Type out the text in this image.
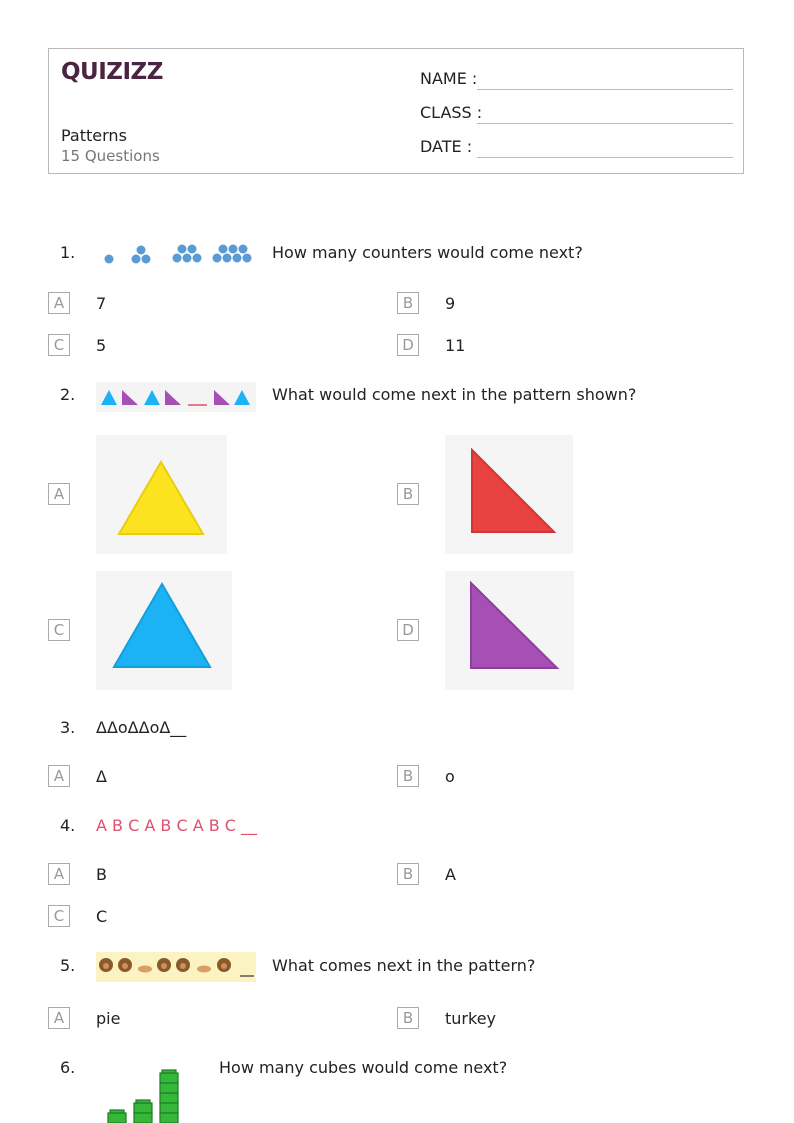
QUIZIZZ
Patterns
15 Questions
NAME :
CLASS :
DATE :
1.	How many counters would come next?
A	7	B	9
C	5	D	11
2.	What would come next in the pattern shown?
A	B
C	D
3. ΔΔoΔΔoΔ__
A	Δ	B	o
4. A B C A B C A B C __
A	B	B	A
C	C
5.	What comes next in the pattern?
A	pie	B	turkey
6.	How many cubes would come next?
